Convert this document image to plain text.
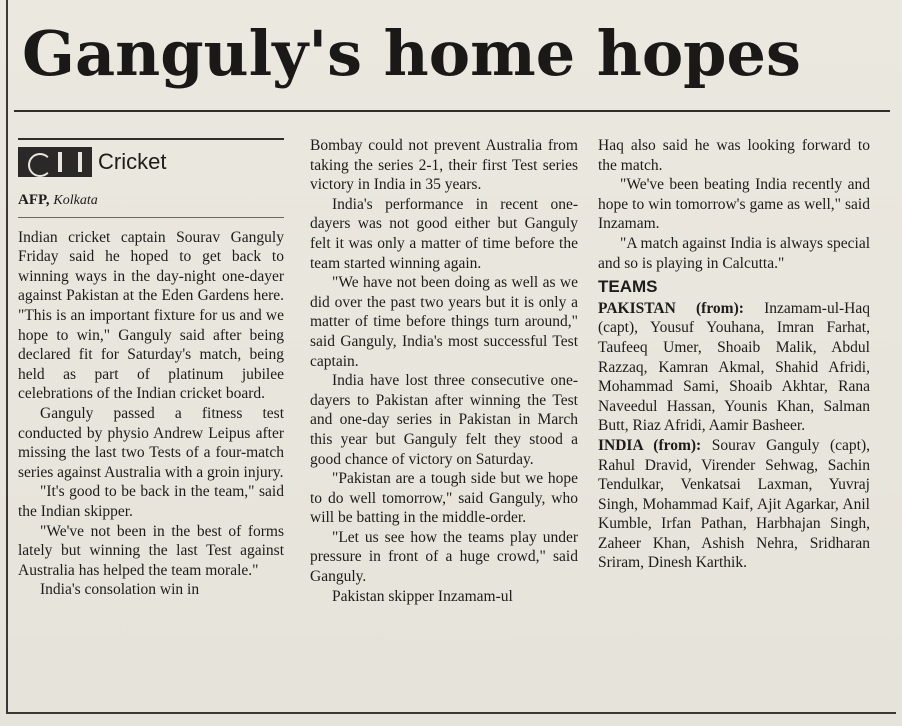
Ganguly's home hopes
Cricket
AFP, Kolkata

Indian cricket captain Sourav Ganguly Friday said he hoped to get back to winning ways in the day-night one-dayer against Pakistan at the Eden Gardens here. "This is an important fixture for us and we hope to win," Ganguly said after being declared fit for Saturday's match, being held as part of platinum jubilee celebrations of the Indian cricket board.

Ganguly passed a fitness test conducted by physio Andrew Leipus after missing the last two Tests of a four-match series against Australia with a groin injury.

"It's good to be back in the team," said the Indian skipper.

"We've not been in the best of forms lately but winning the last Test against Australia has helped the team morale."

India's consolation win in

Bombay could not prevent Australia from taking the series 2-1, their first Test series victory in India in 35 years.

India's performance in recent one-dayers was not good either but Ganguly felt it was only a matter of time before the team started winning again.

"We have not been doing as well as we did over the past two years but it is only a matter of time before things turn around," said Ganguly, India's most successful Test captain.

India have lost three consecutive one-dayers to Pakistan after winning the Test and one-day series in Pakistan in March this year but Ganguly felt they stood a good chance of victory on Saturday.

"Pakistan are a tough side but we hope to do well tomorrow," said Ganguly, who will be batting in the middle-order.

"Let us see how the teams play under pressure in front of a huge crowd," said Ganguly.

Pakistan skipper Inzamam-ul

Haq also said he was looking forward to the match.

"We've been beating India recently and hope to win tomorrow's game as well," said Inzamam.

"A match against India is always special and so is playing in Calcutta."

TEAMS

PAKISTAN (from): Inzamam-ul-Haq (capt), Yousuf Youhana, Imran Farhat, Taufeeq Umer, Shoaib Malik, Abdul Razzaq, Kamran Akmal, Shahid Afridi, Mohammad Sami, Shoaib Akhtar, Rana Naveedul Hassan, Younis Khan, Salman Butt, Riaz Afridi, Aamir Basheer.

INDIA (from): Sourav Ganguly (capt), Rahul Dravid, Virender Sehwag, Sachin Tendulkar, Venkatsai Laxman, Yuvraj Singh, Mohammad Kaif, Ajit Agarkar, Anil Kumble, Irfan Pathan, Harbhajan Singh, Zaheer Khan, Ashish Nehra, Sridharan Sriram, Dinesh Karthik.
